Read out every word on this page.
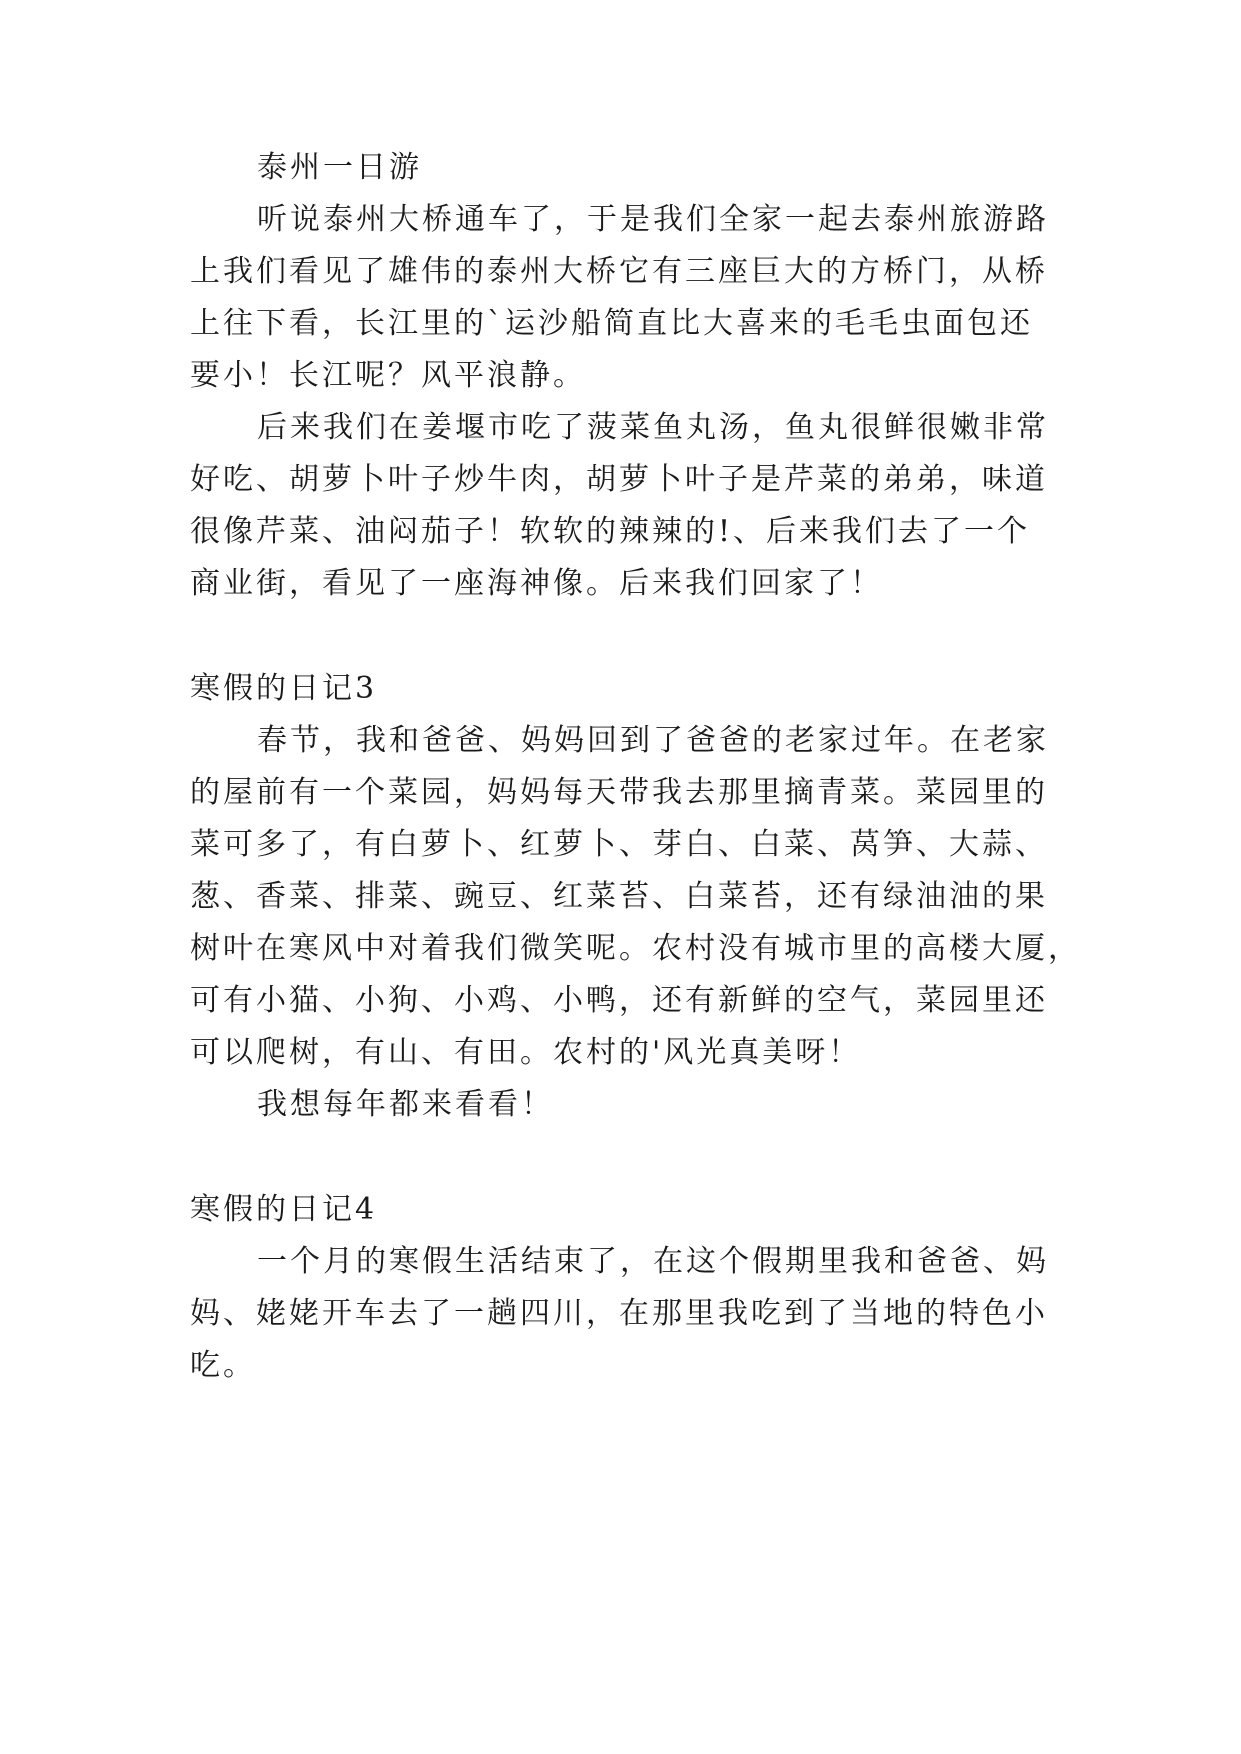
泰州一日游
听说泰州大桥通车了，于是我们全家一起去泰州旅游路
上我们看见了雄伟的泰州大桥它有三座巨大的方桥门，从桥
上往下看，长江里的`运沙船简直比大喜来的毛毛虫面包还
要小！长江呢？风平浪静。
后来我们在姜堰市吃了菠菜鱼丸汤，鱼丸很鲜很嫩非常
好吃、胡萝卜叶子炒牛肉，胡萝卜叶子是芹菜的弟弟，味道
很像芹菜、油闷茄子！软软的辣辣的!、后来我们去了一个
商业街，看见了一座海神像。后来我们回家了！
寒假的日记3
春节，我和爸爸、妈妈回到了爸爸的老家过年。在老家
的屋前有一个菜园，妈妈每天带我去那里摘青菜。菜园里的
菜可多了，有白萝卜、红萝卜、芽白、白菜、莴笋、大蒜、
葱、香菜、排菜、豌豆、红菜苔、白菜苔，还有绿油油的果
树叶在寒风中对着我们微笑呢。农村没有城市里的高楼大厦，
可有小猫、小狗、小鸡、小鸭，还有新鲜的空气，菜园里还
可以爬树，有山、有田。农村的'风光真美呀！
我想每年都来看看！
寒假的日记4
一个月的寒假生活结束了，在这个假期里我和爸爸、妈
妈、姥姥开车去了一趟四川，在那里我吃到了当地的特色小
吃。
